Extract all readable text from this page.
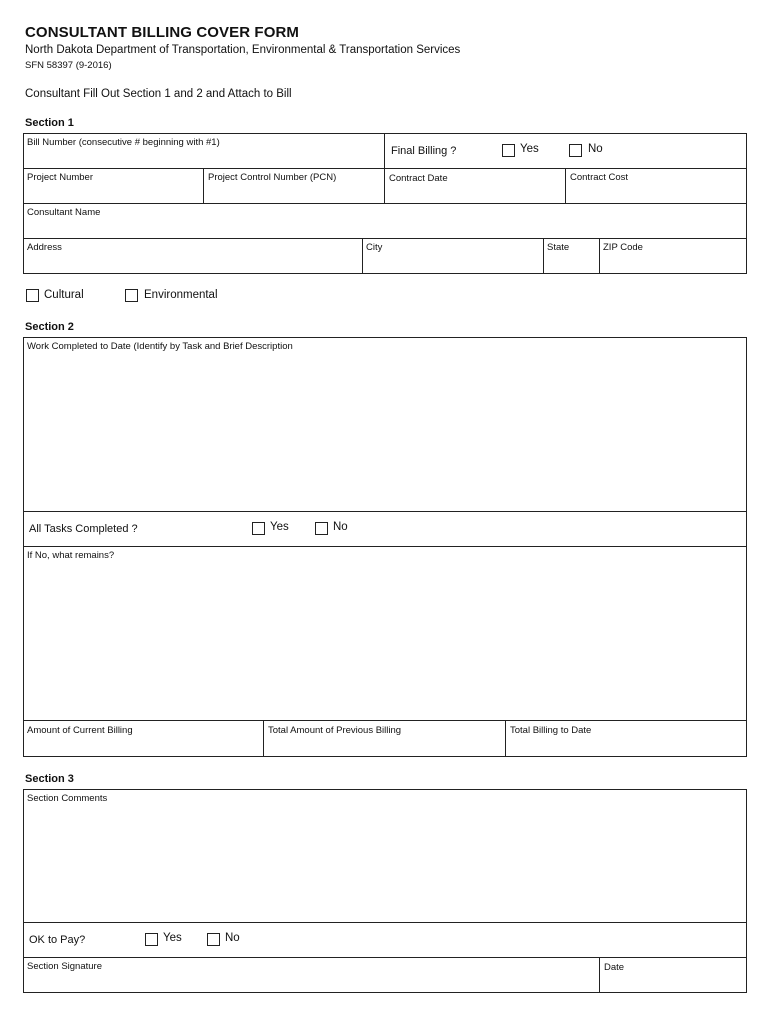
CONSULTANT BILLING COVER FORM
North Dakota Department of Transportation, Environmental & Transportation Services
SFN 58397 (9-2016)
Consultant Fill Out Section 1 and 2 and Attach to Bill
Section 1
Bill Number (consecutive # beginning with #1)
Final Billing ?	Yes	No
Project Number	Project Control Number (PCN)	Contract Date	Contract Cost
Consultant Name
Address	City	State	ZIP Code
Cultural	Environmental
Section 2
Work Completed to Date (Identify by Task and Brief Description
All Tasks Completed ?	Yes	No
If No, what remains?
Amount of Current Billing	Total Amount of Previous Billing	Total Billing to Date
Section 3
Section Comments
OK to Pay?	Yes	No
Section Signature	Date
